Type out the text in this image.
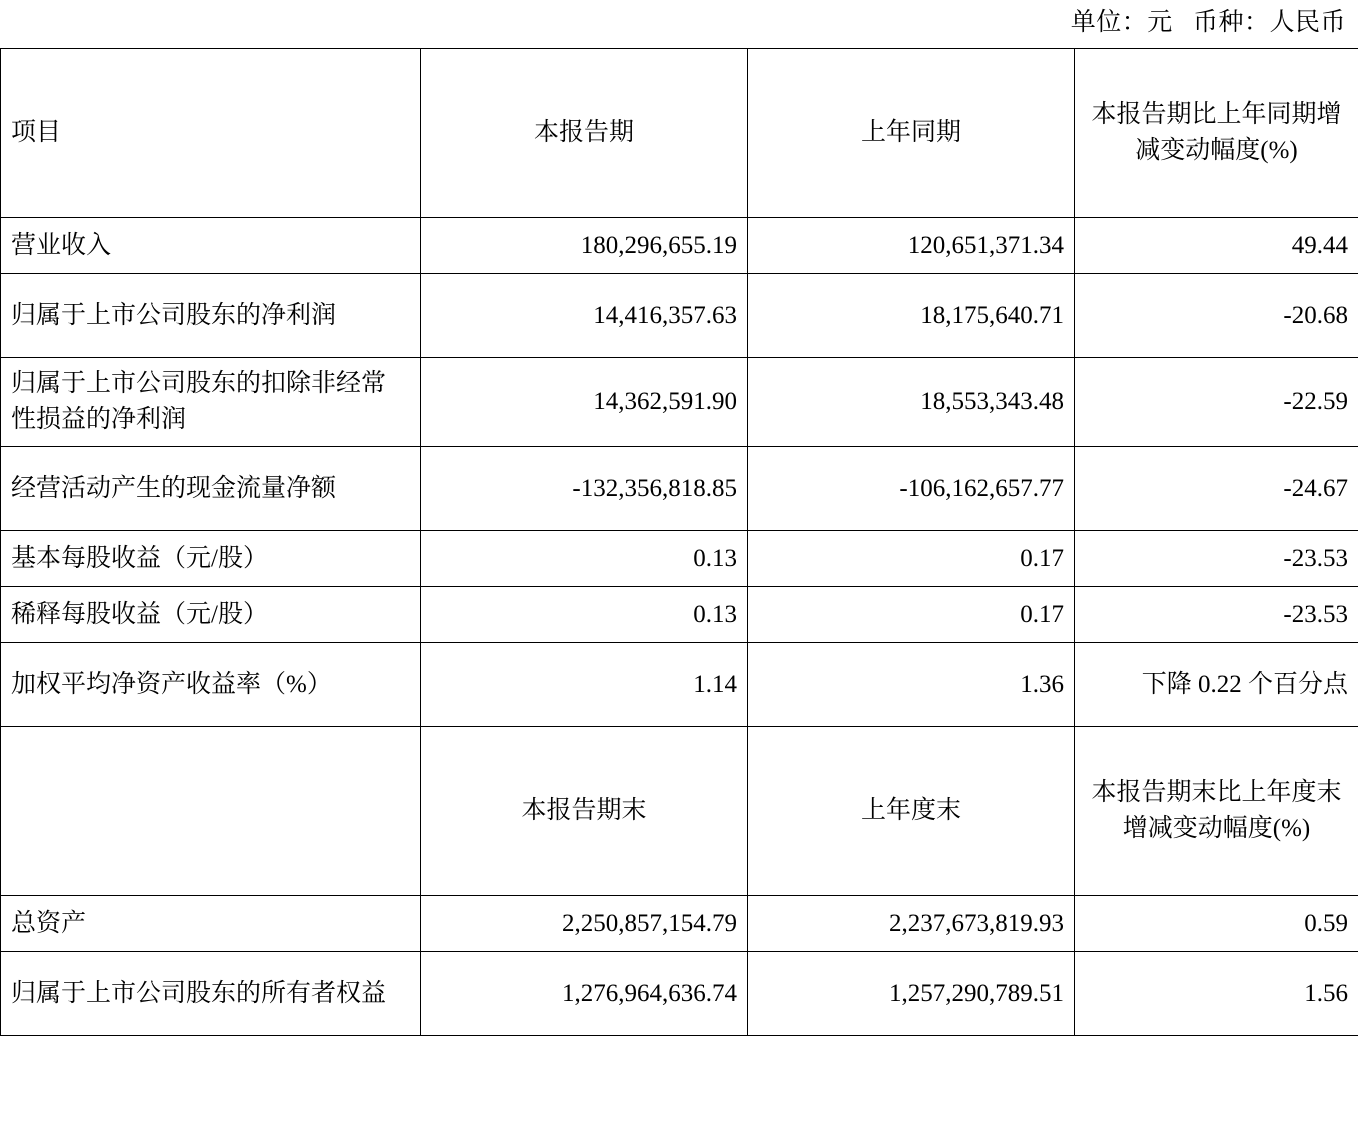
单位：元   币种：人民币
项目	本报告期	上年同期	本报告期比上年同期增减变动幅度(%)
营业收入	180,296,655.19	120,651,371.34	49.44
归属于上市公司股东的净利润	14,416,357.63	18,175,640.71	-20.68
归属于上市公司股东的扣除非经常性损益的净利润	14,362,591.90	18,553,343.48	-22.59
经营活动产生的现金流量净额	-132,356,818.85	-106,162,657.77	-24.67
基本每股收益（元/股）	0.13	0.17	-23.53
稀释每股收益（元/股）	0.13	0.17	-23.53
加权平均净资产收益率（%）	1.14	1.36	下降 0.22 个百分点
	本报告期末	上年度末	本报告期末比上年度末增减变动幅度(%)
总资产	2,250,857,154.79	2,237,673,819.93	0.59
归属于上市公司股东的所有者权益	1,276,964,636.74	1,257,290,789.51	1.56
